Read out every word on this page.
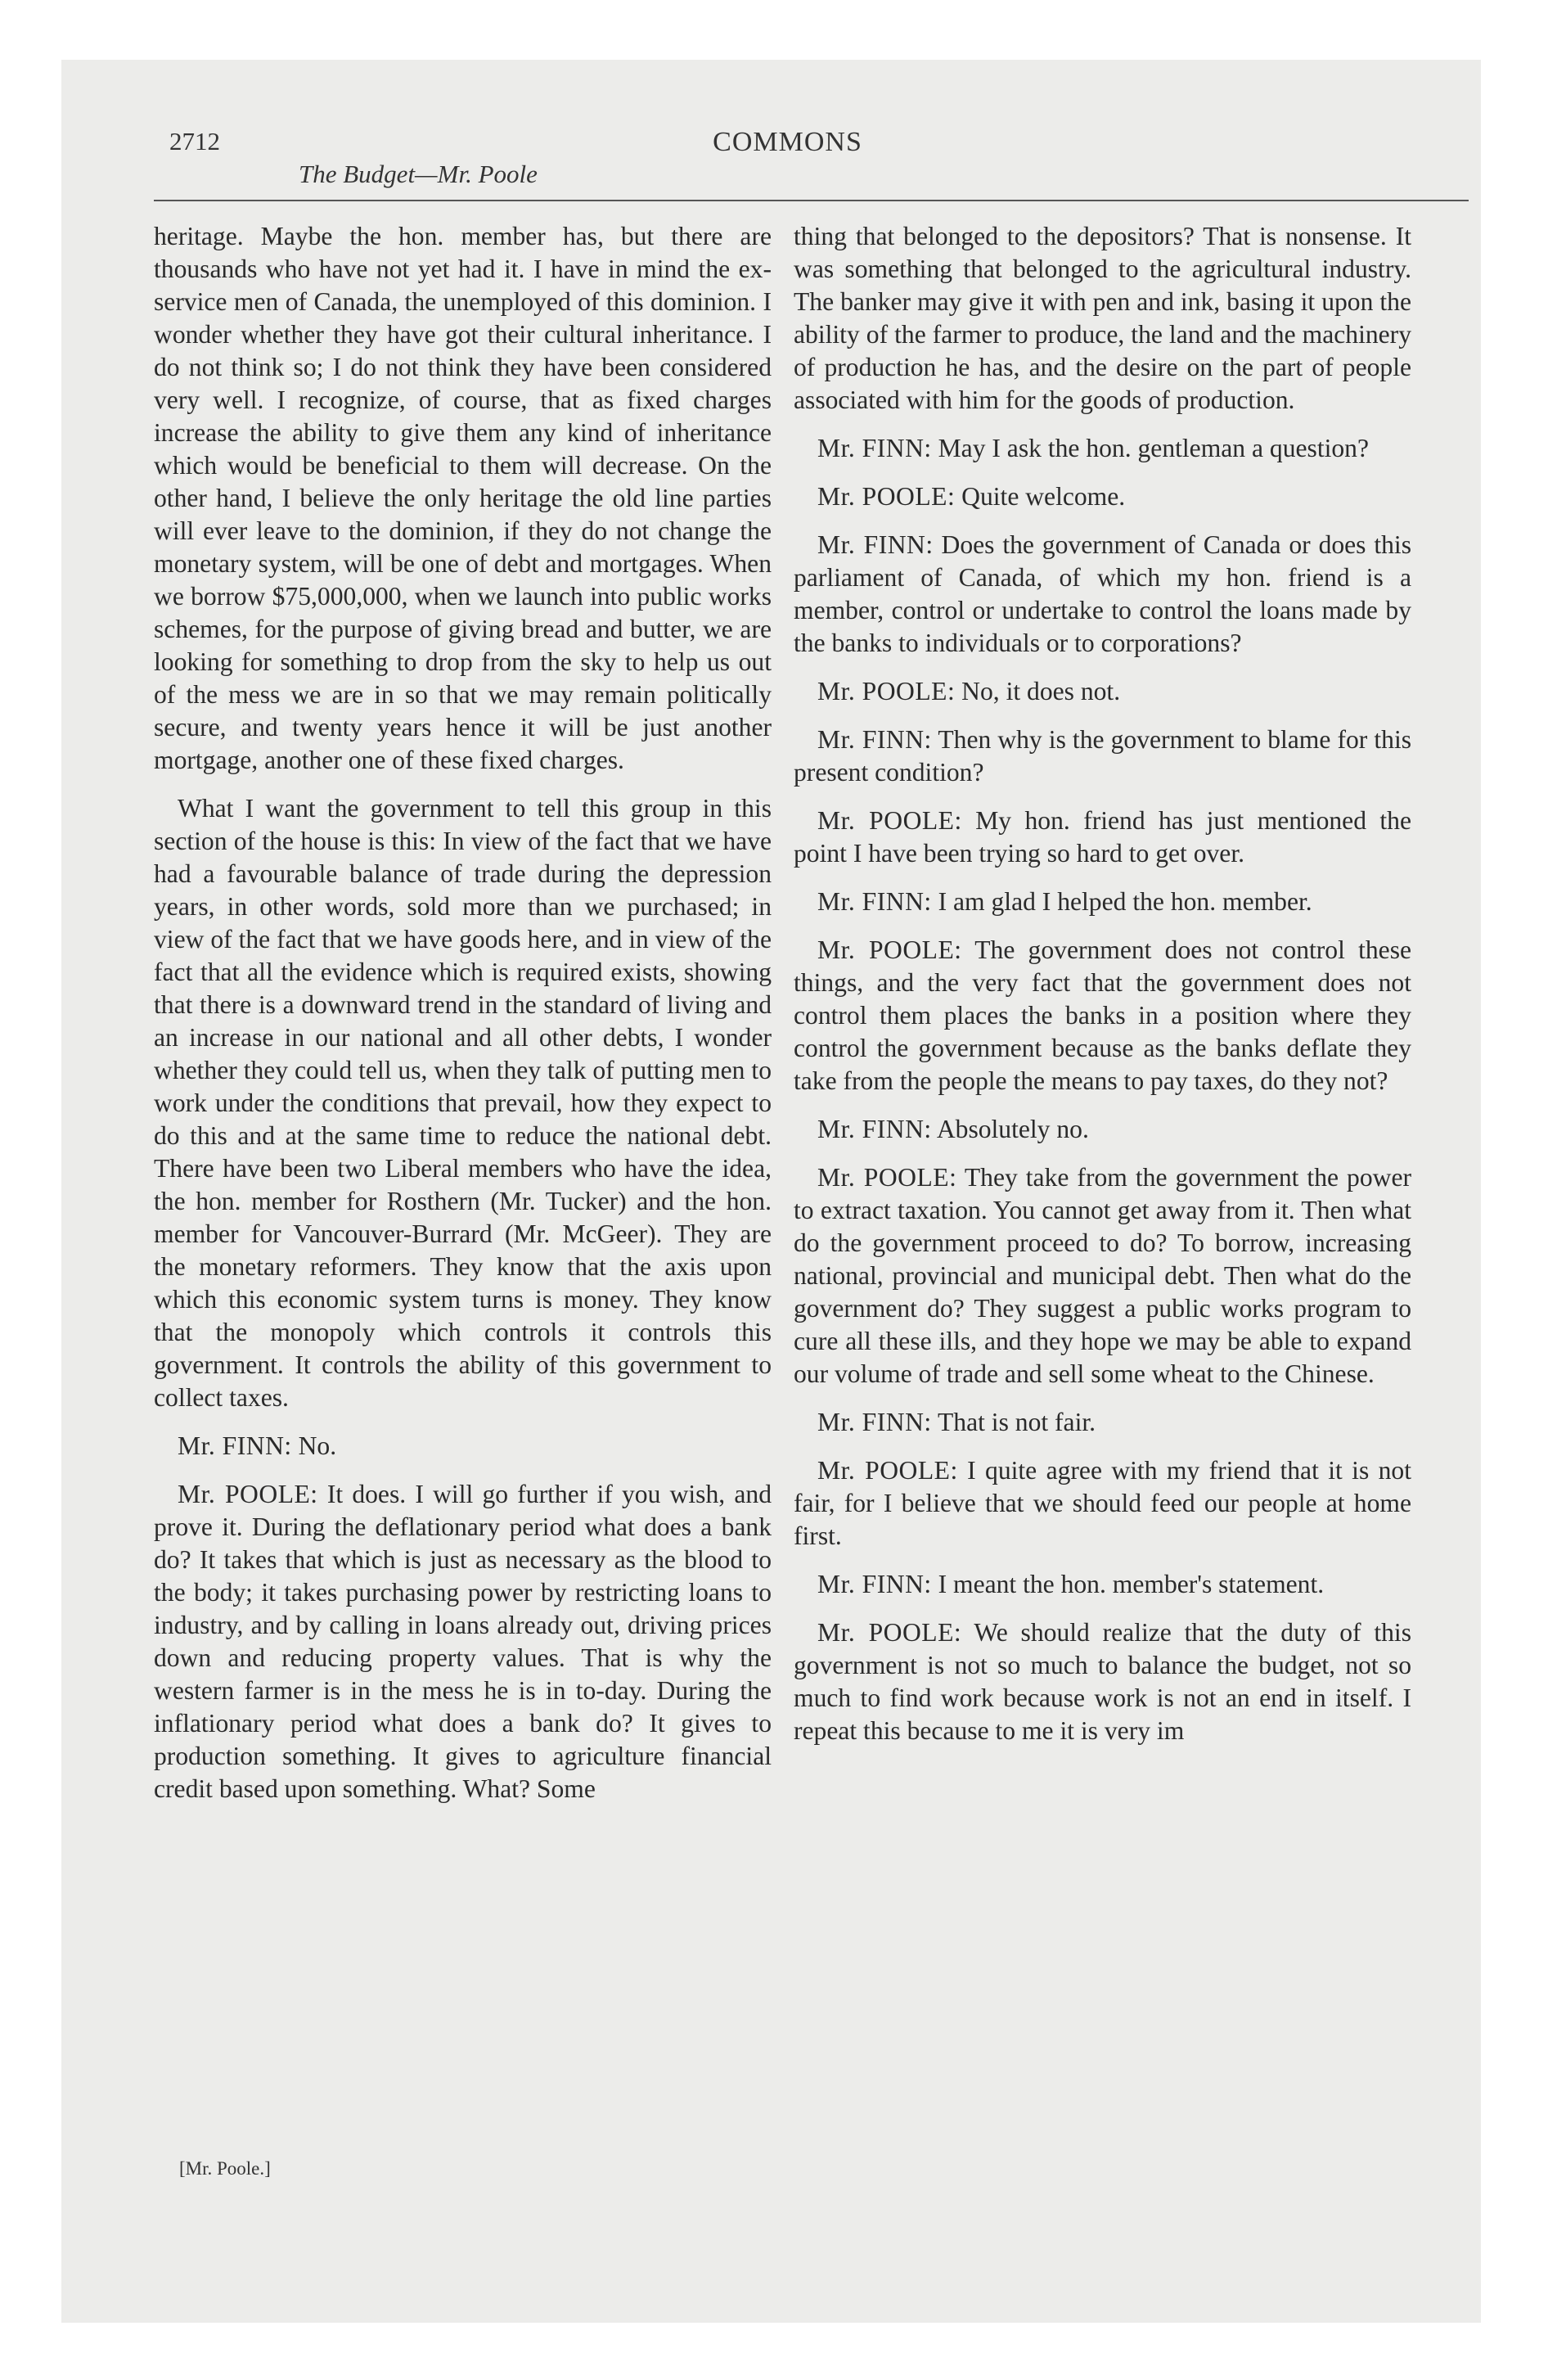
2712	COMMONS

The Budget—Mr. Poole

heritage. Maybe the hon. member has, but there are thousands who have not yet had it. I have in mind the ex-service men of Canada, the unemployed of this dominion. I wonder whether they have got their cultural inheritance. I do not think so; I do not think they have been considered very well. I recognize, of course, that as fixed charges increase the ability to give them any kind of inheritance which would be beneficial to them will decrease. On the other hand, I believe the only heritage the old line parties will ever leave to the dominion, if they do not change the monetary system, will be one of debt and mortgages. When we borrow $75,000,000, when we launch into public works schemes, for the purpose of giving bread and butter, we are looking for something to drop from the sky to help us out of the mess we are in so that we may remain politically secure, and twenty years hence it will be just another mortgage, another one of these fixed charges.

What I want the government to tell this group in this section of the house is this: In view of the fact that we have had a favourable balance of trade during the depression years, in other words, sold more than we purchased; in view of the fact that we have goods here, and in view of the fact that all the evidence which is required exists, showing that there is a downward trend in the standard of living and an increase in our national and all other debts, I wonder whether they could tell us, when they talk of putting men to work under the conditions that prevail, how they expect to do this and at the same time to reduce the national debt. There have been two Liberal members who have the idea, the hon. member for Rosthern (Mr. Tucker) and the hon. member for Vancouver-Burrard (Mr. McGeer). They are the monetary reformers. They know that the axis upon which this economic system turns is money. They know that the monopoly which controls it controls this government. It controls the ability of this government to collect taxes.

Mr. FINN: No.

Mr. POOLE: It does. I will go further if you wish, and prove it. During the deflationary period what does a bank do? It takes that which is just as necessary as the blood to the body; it takes purchasing power by restricting loans to industry, and by calling in loans already out, driving prices down and reducing property values. That is why the western farmer is in the mess he is in to-day. During the inflationary period what does a bank do? It gives to production something. It gives to agriculture financial credit based upon something. What? Some

thing that belonged to the depositors? That is nonsense. It was something that belonged to the agricultural industry. The banker may give it with pen and ink, basing it upon the ability of the farmer to produce, the land and the machinery of production he has, and the desire on the part of people associated with him for the goods of production.

Mr. FINN: May I ask the hon. gentleman a question?

Mr. POOLE: Quite welcome.

Mr. FINN: Does the government of Canada or does this parliament of Canada, of which my hon. friend is a member, control or undertake to control the loans made by the banks to individuals or to corporations?

Mr. POOLE: No, it does not.

Mr. FINN: Then why is the government to blame for this present condition?

Mr. POOLE: My hon. friend has just mentioned the point I have been trying so hard to get over.

Mr. FINN: I am glad I helped the hon. member.

Mr. POOLE: The government does not control these things, and the very fact that the government does not control them places the banks in a position where they control the government because as the banks deflate they take from the people the means to pay taxes, do they not?

Mr. FINN: Absolutely no.

Mr. POOLE: They take from the government the power to extract taxation. You cannot get away from it. Then what do the government proceed to do? To borrow, increasing national, provincial and municipal debt. Then what do the government do? They suggest a public works program to cure all these ills, and they hope we may be able to expand our volume of trade and sell some wheat to the Chinese.

Mr. FINN: That is not fair.

Mr. POOLE: I quite agree with my friend that it is not fair, for I believe that we should feed our people at home first.

Mr. FINN: I meant the hon. member's statement.

Mr. POOLE: We should realize that the duty of this government is not so much to balance the budget, not so much to find work because work is not an end in itself. I repeat this because to me it is very im

[Mr. Poole.]
